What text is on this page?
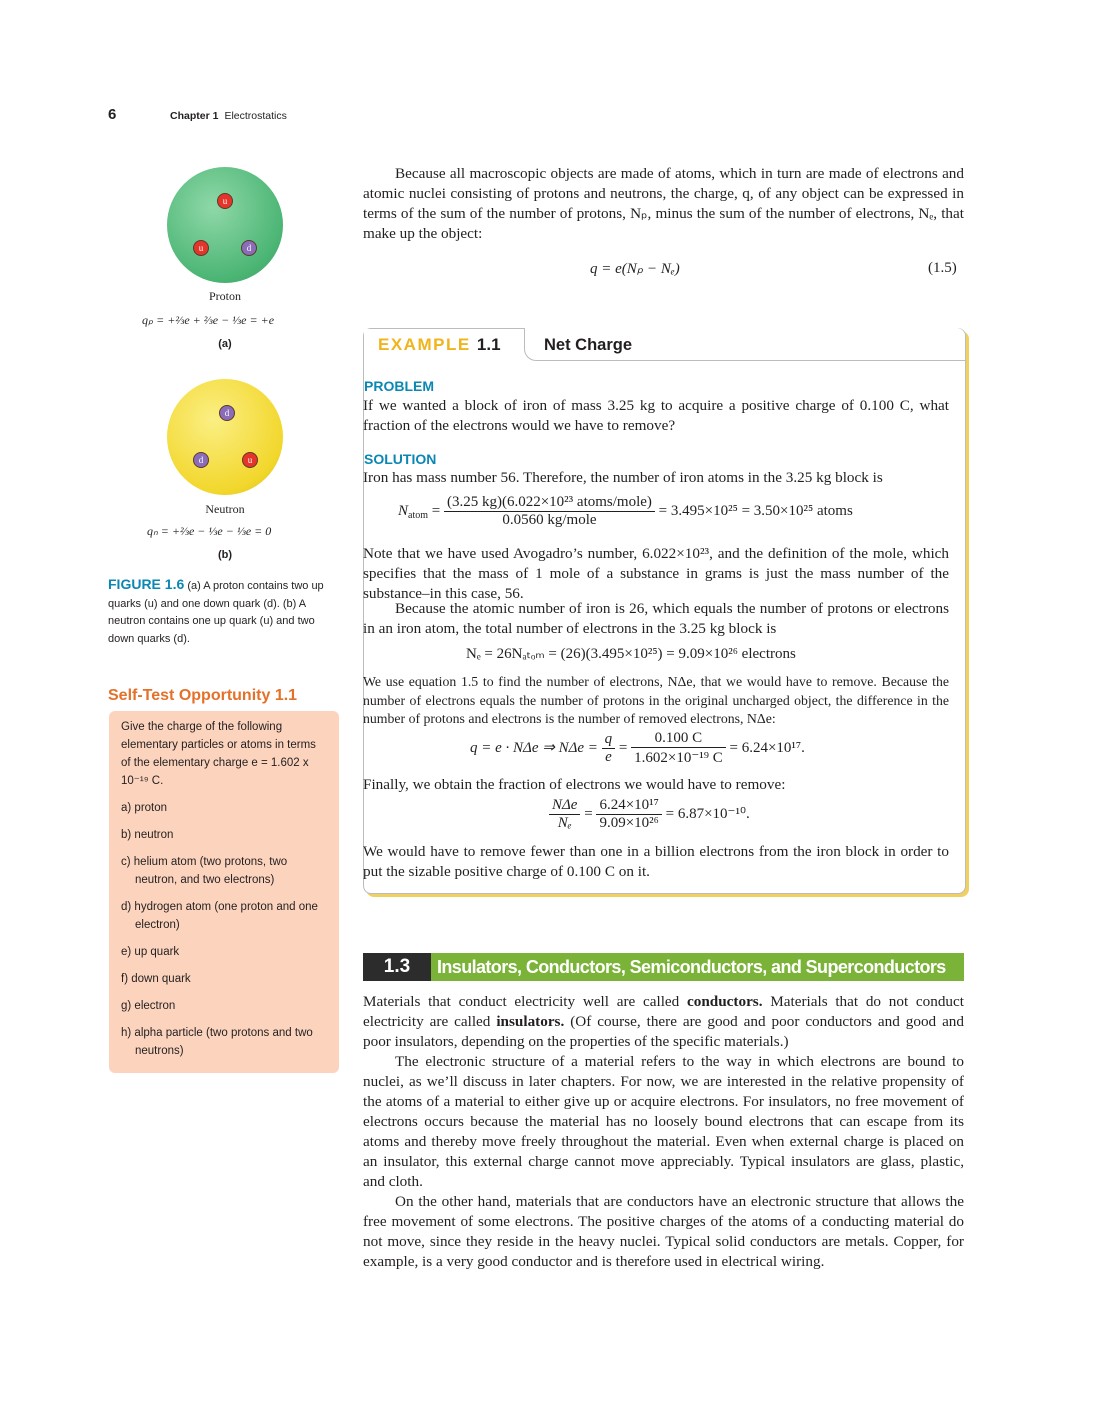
6	Chapter 1 Electrostatics
u
u	d
Proton
qₚ = +⅔e + ⅔e − ⅓e = +e
(a)
d
d	u
Neutron
qₙ = +⅔e − ⅓e − ⅓e = 0
(b)
FIGURE 1.6 (a) A proton contains two up quarks (u) and one down quark (d). (b) A neutron contains one up quark (u) and two down quarks (d).
Self-Test Opportunity 1.1
Give the charge of the following elementary particles or atoms in terms of the elementary charge e = 1.602 x 10⁻¹⁹ C.
a) proton
b) neutron
c) helium atom (two protons, two neutron, and two electrons)
d) hydrogen atom (one proton and one electron)
e) up quark
f) down quark
g) electron
h) alpha particle (two protons and two neutrons)

Because all macroscopic objects are made of atoms, which in turn are made of electrons and atomic nuclei consisting of protons and neutrons, the charge, q, of any object can be expressed in terms of the sum of the number of protons, Nₚ, minus the sum of the number of electrons, Nₑ, that make up the object:

q = e(Nₚ − Nₑ)	(1.5)
EXAMPLE 1.1	Net Charge
PROBLEM

If we wanted a block of iron of mass 3.25 kg to acquire a positive charge of 0.100 C, what fraction of the electrons would we have to remove?

SOLUTION

Iron has mass number 56. Therefore, the number of iron atoms in the 3.25 kg block is

$N_{atom} = \frac{\text{(3.25 kg)(6.022×10²³ atoms/mole)}}{\text{0.0560 kg/mole}} = 3.495\times 10^{25} = 3.50\times 10^{25}$ atoms

Note that we have used Avogadro’s number, 6.022×10²³, and the definition of the mole, which specifies that the mass of 1 mole of a substance in grams is just the mass number of the substance–in this case, 56.

Because the atomic number of iron is 26, which equals the number of protons or electrons in an iron atom, the total number of electrons in the 3.25 kg block is

Nₑ = 26Nₐₜₒₘ = (26)(3.495×10²⁵) = 9.09×10²⁶ electrons

We use equation 1.5 to find the number of electrons, NΔe, that we would have to remove. Because the number of electrons equals the number of protons in the original uncharged object, the difference in the number of protons and electrons is the number of removed electrons, NΔe:

q = e · NΔe ⇒ $N\Delta e = \frac{q}{e} = \frac{0.100 C}{\text{1.602×10⁻¹⁹ C}} = 6.24\times 10^{17}$.

Finally, we obtain the fraction of electrons we would have to remove:

$\frac{\text{NΔe}}{\text{Nₑ}} = \frac{\text{6.24×10¹⁷}}{\text{9.09×10²⁶}} = 6.87\times 10^{-10}$.

We would have to remove fewer than one in a billion electrons from the iron block in order to put the sizable positive charge of 0.100 C on it.

1.3	Insulators, Conductors, Semiconductors, and Superconductors

Materials that conduct electricity well are called conductors. Materials that do not conduct electricity are called insulators. (Of course, there are good and poor conductors and good and poor insulators, depending on the properties of the specific materials.)

The electronic structure of a material refers to the way in which electrons are bound to nuclei, as we’ll discuss in later chapters. For now, we are interested in the relative propensity of the atoms of a material to either give up or acquire electrons. For insulators, no free movement of electrons occurs because the material has no loosely bound electrons that can escape from its atoms and thereby move freely throughout the material. Even when external charge is placed on an insulator, this external charge cannot move appreciably. Typical insulators are glass, plastic, and cloth.

On the other hand, materials that are conductors have an electronic structure that allows the free movement of some electrons. The positive charges of the atoms of a conducting material do not move, since they reside in the heavy nuclei. Typical solid conductors are metals. Copper, for example, is a very good conductor and is therefore used in electrical wiring.
